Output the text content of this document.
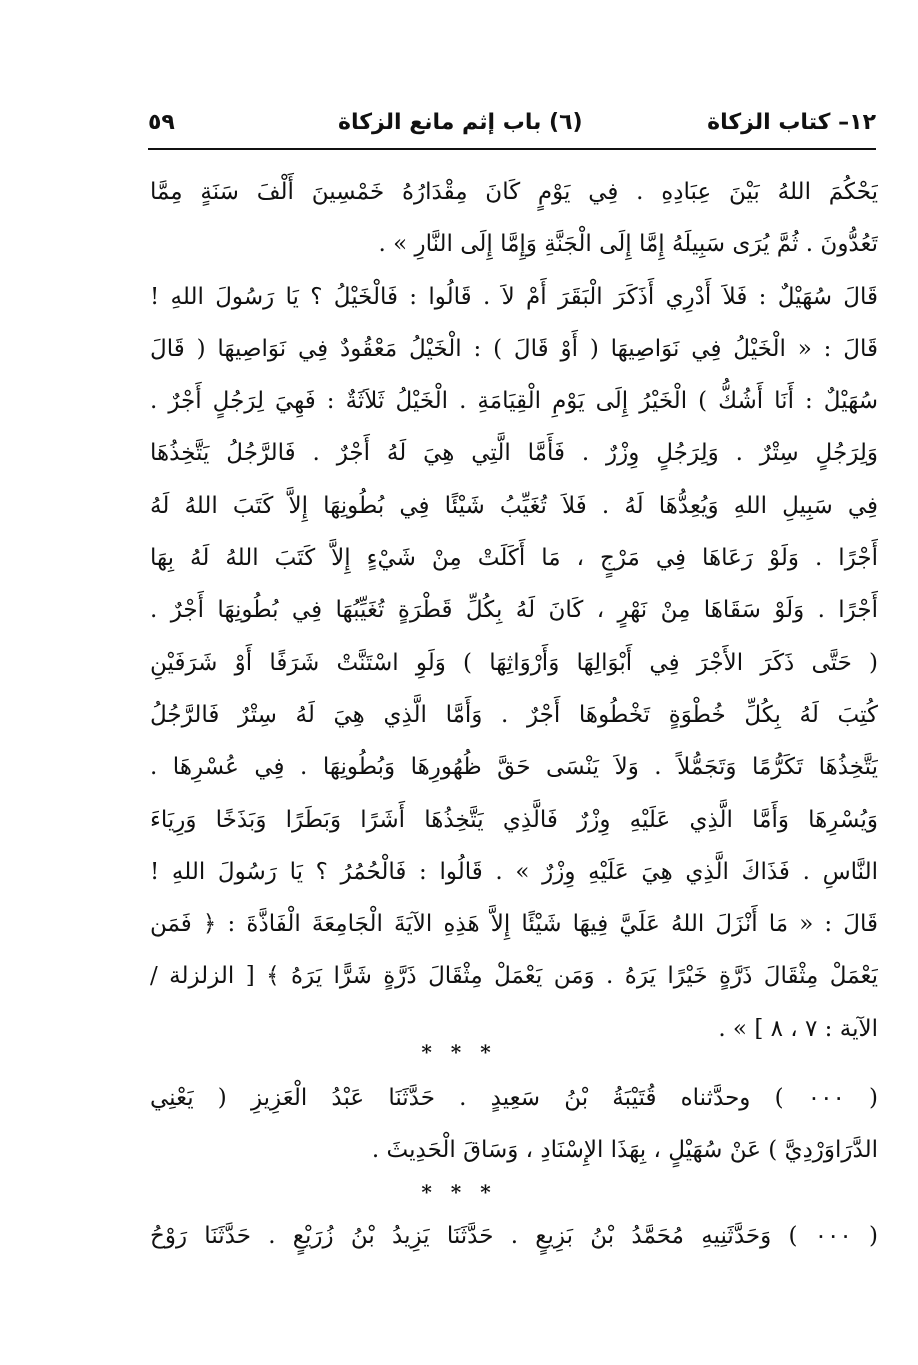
١٢– كتاب الزكاة
(٦) باب إثم مانع الزكاة
٥٩
يَحْكُمَ اللهُ بَيْنَ عِبَادِهِ . فِي يَوْمٍ كَانَ مِقْدَارُهُ خَمْسِينَ أَلْفَ سَنَةٍ مِمَّا
تَعُدُّونَ . ثُمَّ يُرَى سَبِيلَهُ إِمَّا إِلَى الْجَنَّةِ وَإِمَّا إِلَى النَّارِ » .
قَالَ سُهَيْلٌ : فَلاَ أَدْرِي أَذَكَرَ الْبَقَرَ أَمْ لاَ . قَالُوا : فَالْخَيْلُ ؟ يَا رَسُولَ اللهِ !
قَالَ : « الْخَيْلُ فِي نَوَاصِيهَا ( أَوْ قَالَ ) : الْخَيْلُ مَعْقُودٌ فِي نَوَاصِيهَا ( قَالَ
سُهَيْلٌ : أَنَا أَشُكُّ ) الْخَيْرُ إِلَى يَوْمِ الْقِيَامَةِ . الْخَيْلُ ثَلاَثَةٌ : فَهِيَ لِرَجُلٍ أَجْرٌ .
وَلِرَجُلٍ سِتْرٌ . وَلِرَجُلٍ وِزْرٌ . فَأَمَّا الَّتِي هِيَ لَهُ أَجْرٌ . فَالرَّجُلُ يَتَّخِذُهَا
فِي سَبِيلِ اللهِ وَيُعِدُّهَا لَهُ . فَلاَ تُغَيِّبُ شَيْئًا فِي بُطُونِهَا إِلاَّ كَتَبَ اللهُ لَهُ
أَجْرًا . وَلَوْ رَعَاهَا فِي مَرْجٍ ، مَا أَكَلَتْ مِنْ شَيْءٍ إِلاَّ كَتَبَ اللهُ لَهُ بِهَا
أَجْرًا . وَلَوْ سَقَاهَا مِنْ نَهْرٍ ، كَانَ لَهُ بِكُلِّ قَطْرَةٍ تُغَيِّبُهَا فِي بُطُونِهَا أَجْرٌ .
( حَتَّى ذَكَرَ الأَجْرَ فِي أَبْوَالِهَا وَأَرْوَاثِهَا ) وَلَوِ اسْتَنَّتْ شَرَفًا أَوْ شَرَفَيْنِ
كُتِبَ لَهُ بِكُلِّ خُطْوَةٍ تَخْطُوهَا أَجْرٌ . وَأَمَّا الَّذِي هِيَ لَهُ سِتْرٌ فَالرَّجُلُ
يَتَّخِذُهَا تَكَرُّمًا وَتَجَمُّلاً . وَلاَ يَنْسَى حَقَّ ظُهُورِهَا وَبُطُونِهَا . فِي عُسْرِهَا .
وَيُسْرِهَا وَأَمَّا الَّذِي عَلَيْهِ وِزْرٌ فَالَّذِي يَتَّخِذُهَا أَشَرًا وَبَطَرًا وَبَذَخًا وَرِيَاءَ
النَّاسِ . فَذَاكَ الَّذِي هِيَ عَلَيْهِ وِزْرٌ » . قَالُوا : فَالْحُمُرُ ؟ يَا رَسُولَ اللهِ !
قَالَ : « مَا أَنْزَلَ اللهُ عَلَيَّ فِيهَا شَيْئًا إِلاَّ هَذِهِ الآيَةَ الْجَامِعَةَ الْفَاذَّةَ : ﴿ فَمَن
يَعْمَلْ مِثْقَالَ ذَرَّةٍ خَيْرًا يَرَهُ . وَمَن يَعْمَلْ مِثْقَالَ ذَرَّةٍ شَرًّا يَرَهُ ﴾ [ الزلزلة /
الآية : ٧ ، ٨ ] » .
* * *
( ٠٠٠ ) وحدَّثناه قُتَيْبَةُ بْنُ سَعِيدٍ . حَدَّثَنَا عَبْدُ الْعَزِيزِ ( يَعْنِي
الدَّرَاوَرْدِيَّ ) عَنْ سُهَيْلٍ ، بِهَذَا الإِسْنَادِ ، وَسَاقَ الْحَدِيثَ .
* * *
( ٠٠٠ ) وَحَدَّثَنِيهِ مُحَمَّدُ بْنُ بَزِيعٍ . حَدَّثَنَا يَزِيدُ بْنُ زُرَيْعٍ . حَدَّثَنَا رَوْحُ
